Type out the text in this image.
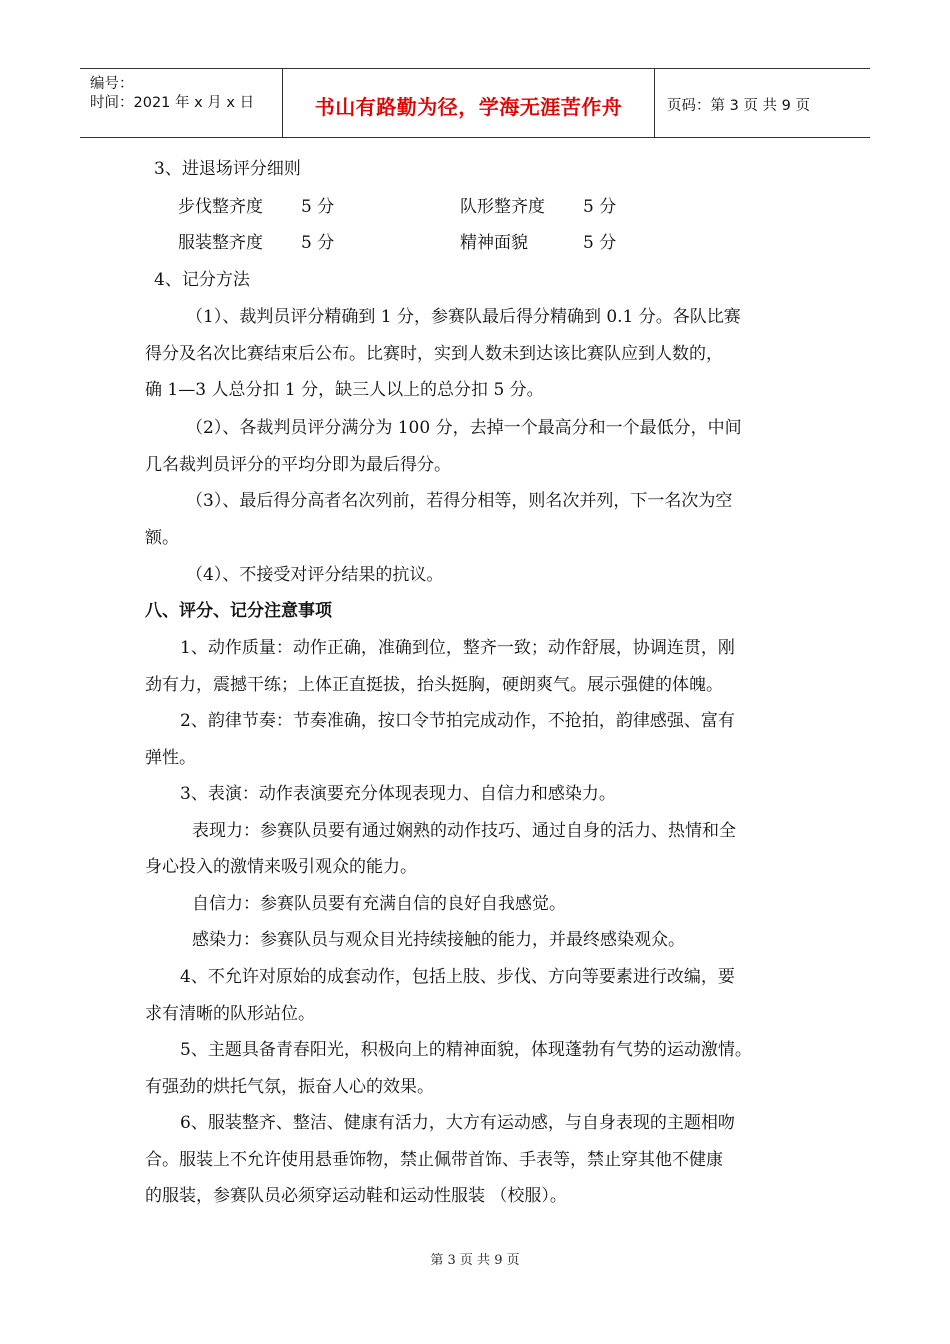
编号：
时间：2021 年 x 月 x 日	书山有路勤为径，学海无涯苦作舟	页码：第 3 页 共 9 页
3、进退场评分细则
步伐整齐度 5 分	队形整齐度 5 分
服装整齐度 5 分	精神面貌	5 分
4、记分方法
（1）、裁判员评分精确到 1 分，参赛队最后得分精确到 0.1 分。各队比赛
得分及名次比赛结束后公布。比赛时，实到人数未到达该比赛队应到人数的，
确 1—3 人总分扣 1 分，缺三人以上的总分扣 5 分。
（2）、各裁判员评分满分为 100 分，去掉一个最高分和一个最低分，中间
几名裁判员评分的平均分即为最后得分。
（3）、最后得分高者名次列前，若得分相等，则名次并列，下一名次为空
额。
（4）、不接受对评分结果的抗议。
八、评分、记分注意事项
1、动作质量：动作正确，准确到位，整齐一致；动作舒展，协调连贯，刚
劲有力，震撼干练；上体正直挺拔，抬头挺胸，硬朗爽气。展示强健的体魄。
2、韵律节奏：节奏准确，按口令节拍完成动作，不抢拍，韵律感强、富有
弹性。
3、表演：动作表演要充分体现表现力、自信力和感染力。
表现力：参赛队员要有通过娴熟的动作技巧、通过自身的活力、热情和全
身心投入的激情来吸引观众的能力。
自信力：参赛队员要有充满自信的良好自我感觉。
感染力：参赛队员与观众目光持续接触的能力，并最终感染观众。
4、不允许对原始的成套动作，包括上肢、步伐、方向等要素进行改编，要
求有清晰的队形站位。
5、主题具备青春阳光，积极向上的精神面貌，体现蓬勃有气势的运动激情。
有强劲的烘托气氛，振奋人心的效果。
6、服装整齐、整洁、健康有活力，大方有运动感，与自身表现的主题相吻
合。服装上不允许使用悬垂饰物，禁止佩带首饰、手表等，禁止穿其他不健康
的服装，参赛队员必须穿运动鞋和运动性服装 （校服）。
第 3 页 共 9 页
